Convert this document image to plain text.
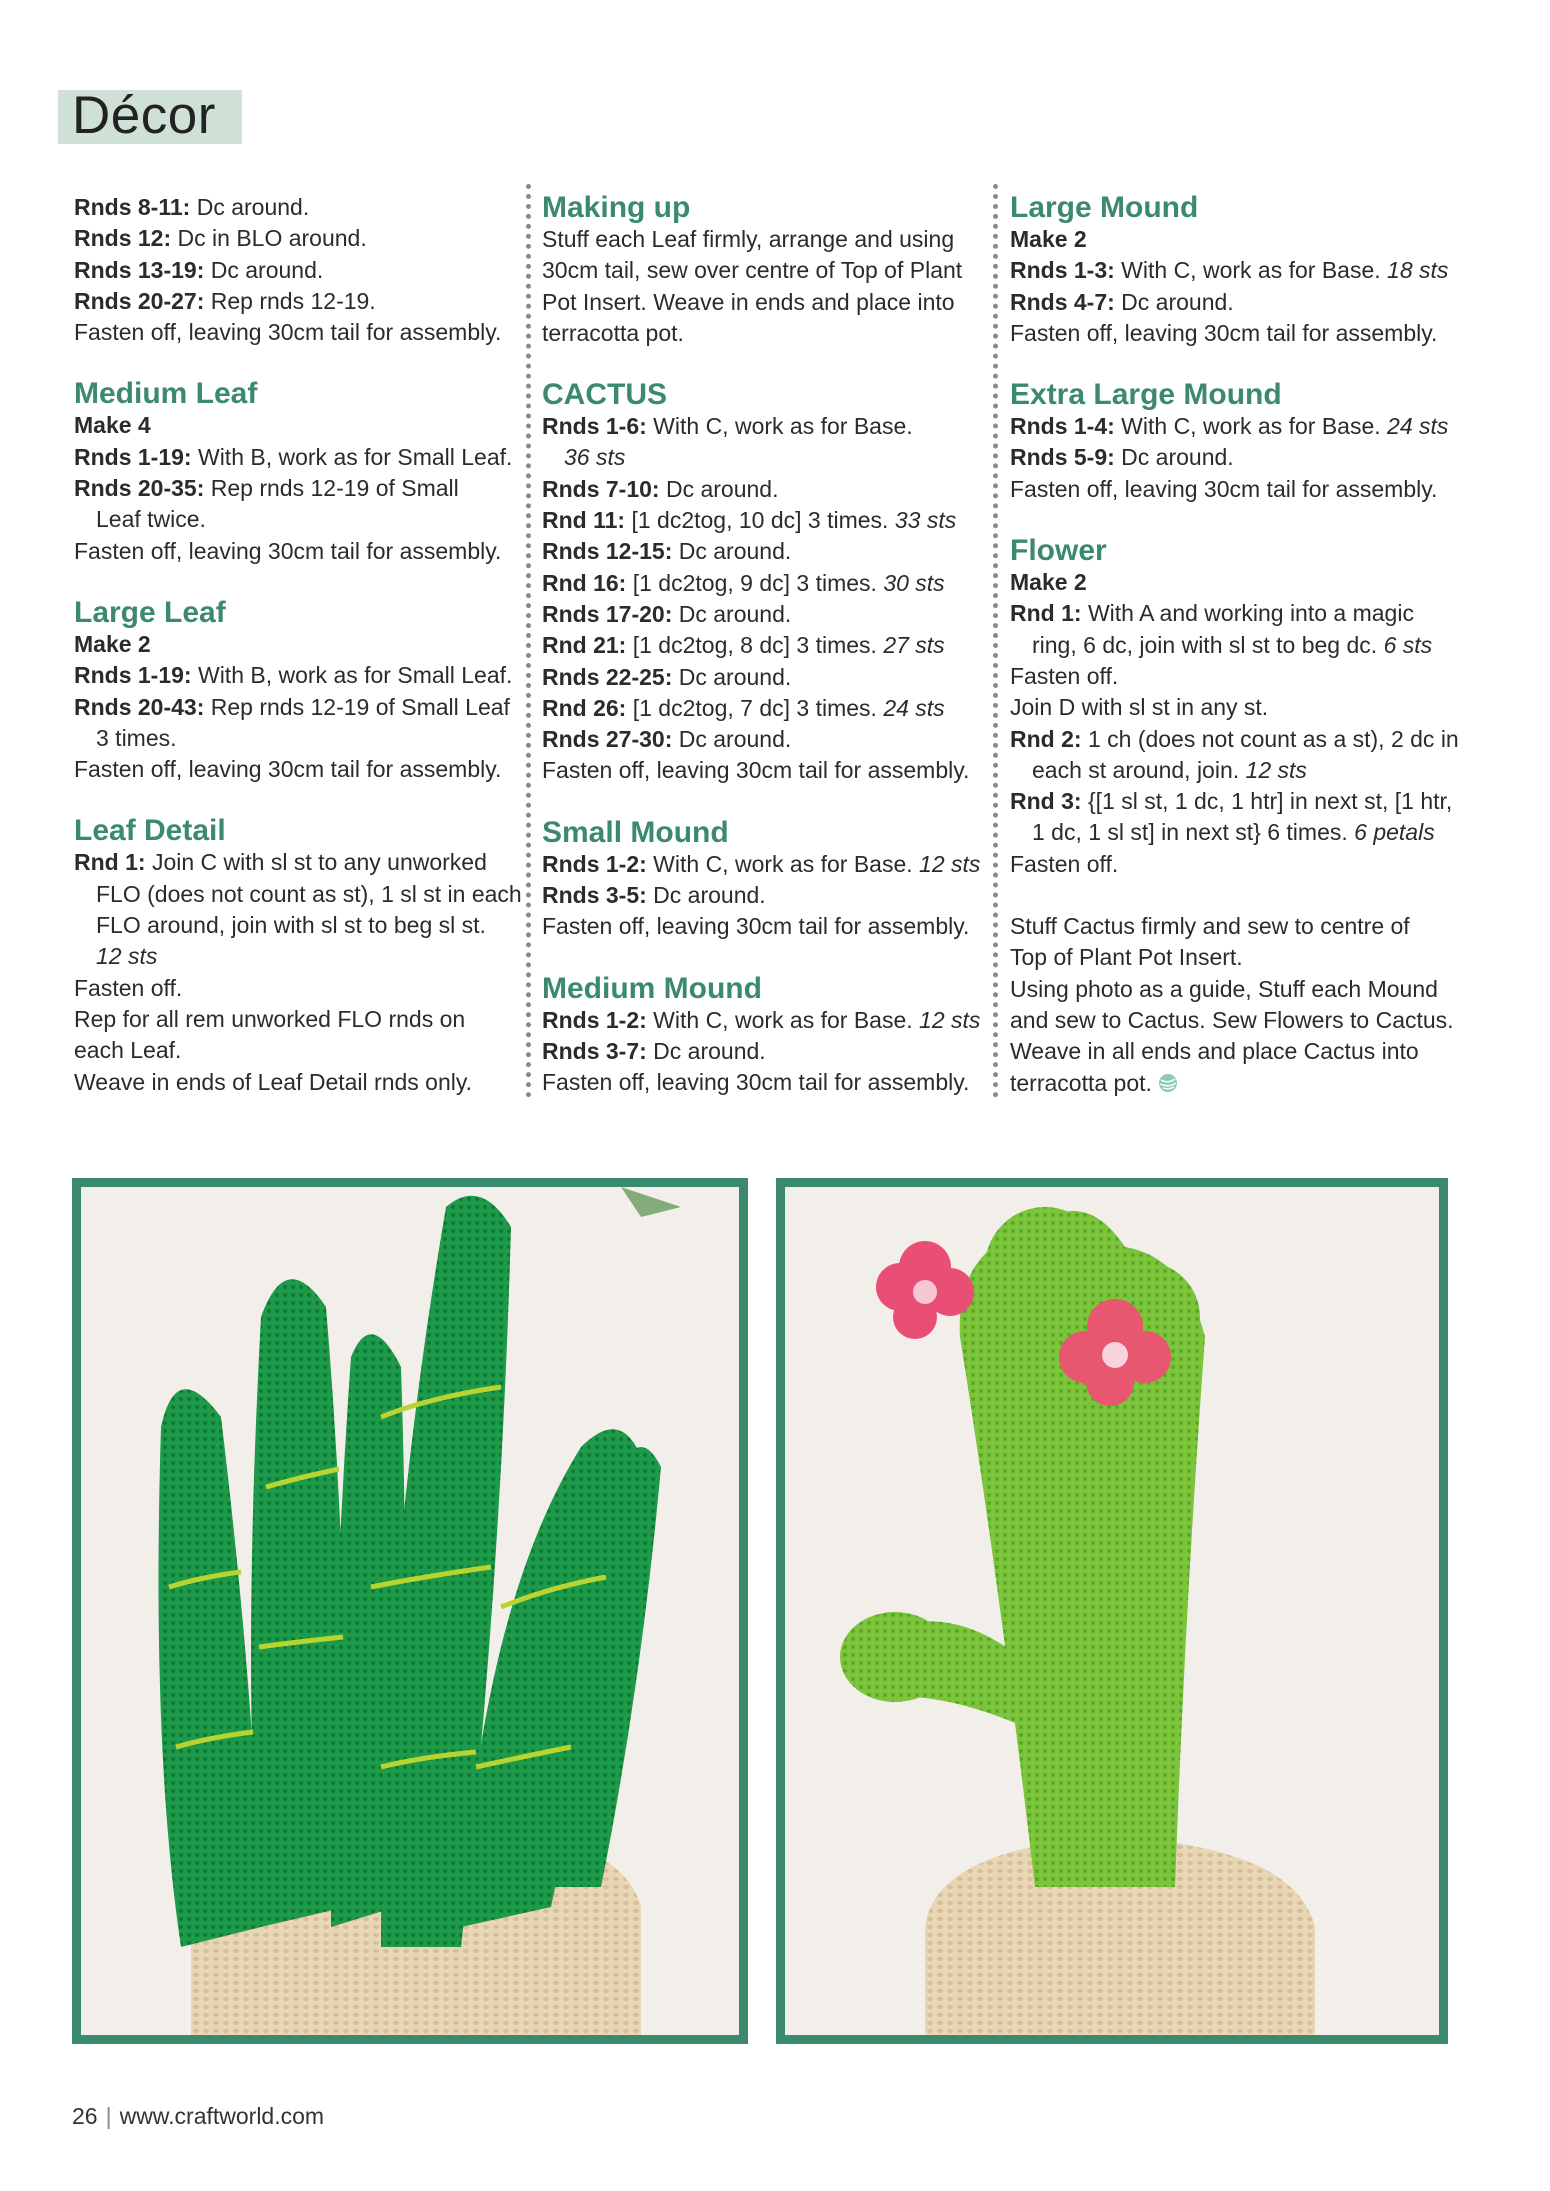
Décor
Rnds 8-11: Dc around.
Rnds 12: Dc in BLO around.
Rnds 13-19: Dc around.
Rnds 20-27: Rep rnds 12-19.
Fasten off, leaving 30cm tail for assembly.
Medium Leaf
Make 4
Rnds 1-19: With B, work as for Small Leaf.
Rnds 20-35: Rep rnds 12-19 of Small
Leaf twice.
Fasten off, leaving 30cm tail for assembly.
Large Leaf
Make 2
Rnds 1-19: With B, work as for Small Leaf.
Rnds 20-43: Rep rnds 12-19 of Small Leaf
3 times.
Fasten off, leaving 30cm tail for assembly.
Leaf Detail
Rnd 1: Join C with sl st to any unworked
FLO (does not count as st), 1 sl st in each
FLO around, join with sl st to beg sl st.
12 sts
Fasten off.
Rep for all rem unworked FLO rnds on
each Leaf.
Weave in ends of Leaf Detail rnds only.
Making up
Stuff each Leaf firmly, arrange and using
30cm tail, sew over centre of Top of Plant
Pot Insert. Weave in ends and place into
terracotta pot.
CACTUS
Rnds 1-6: With C, work as for Base.
36 sts
Rnds 7-10: Dc around.
Rnd 11: [1 dc2tog, 10 dc] 3 times. 33 sts
Rnds 12-15: Dc around.
Rnd 16: [1 dc2tog, 9 dc] 3 times. 30 sts
Rnds 17-20: Dc around.
Rnd 21: [1 dc2tog, 8 dc] 3 times. 27 sts
Rnds 22-25: Dc around.
Rnd 26: [1 dc2tog, 7 dc] 3 times. 24 sts
Rnds 27-30: Dc around.
Fasten off, leaving 30cm tail for assembly.
Small Mound
Rnds 1-2: With C, work as for Base. 12 sts
Rnds 3-5: Dc around.
Fasten off, leaving 30cm tail for assembly.
Medium Mound
Rnds 1-2: With C, work as for Base. 12 sts
Rnds 3-7: Dc around.
Fasten off, leaving 30cm tail for assembly.
Large Mound
Make 2
Rnds 1-3: With C, work as for Base. 18 sts
Rnds 4-7: Dc around.
Fasten off, leaving 30cm tail for assembly.
Extra Large Mound
Rnds 1-4: With C, work as for Base. 24 sts
Rnds 5-9: Dc around.
Fasten off, leaving 30cm tail for assembly.
Flower
Make 2
Rnd 1: With A and working into a magic
ring, 6 dc, join with sl st to beg dc. 6 sts
Fasten off.
Join D with sl st in any st.
Rnd 2: 1 ch (does not count as a st), 2 dc in
each st around, join. 12 sts
Rnd 3: {[1 sl st, 1 dc, 1 htr] in next st, [1 htr,
1 dc, 1 sl st] in next st} 6 times. 6 petals
Fasten off.
Stuff Cactus firmly and sew to centre of
Top of Plant Pot Insert.
Using photo as a guide, Stuff each Mound
and sew to Cactus. Sew Flowers to Cactus.
Weave in all ends and place Cactus into
terracotta pot.
26 | www.craftworld.com
